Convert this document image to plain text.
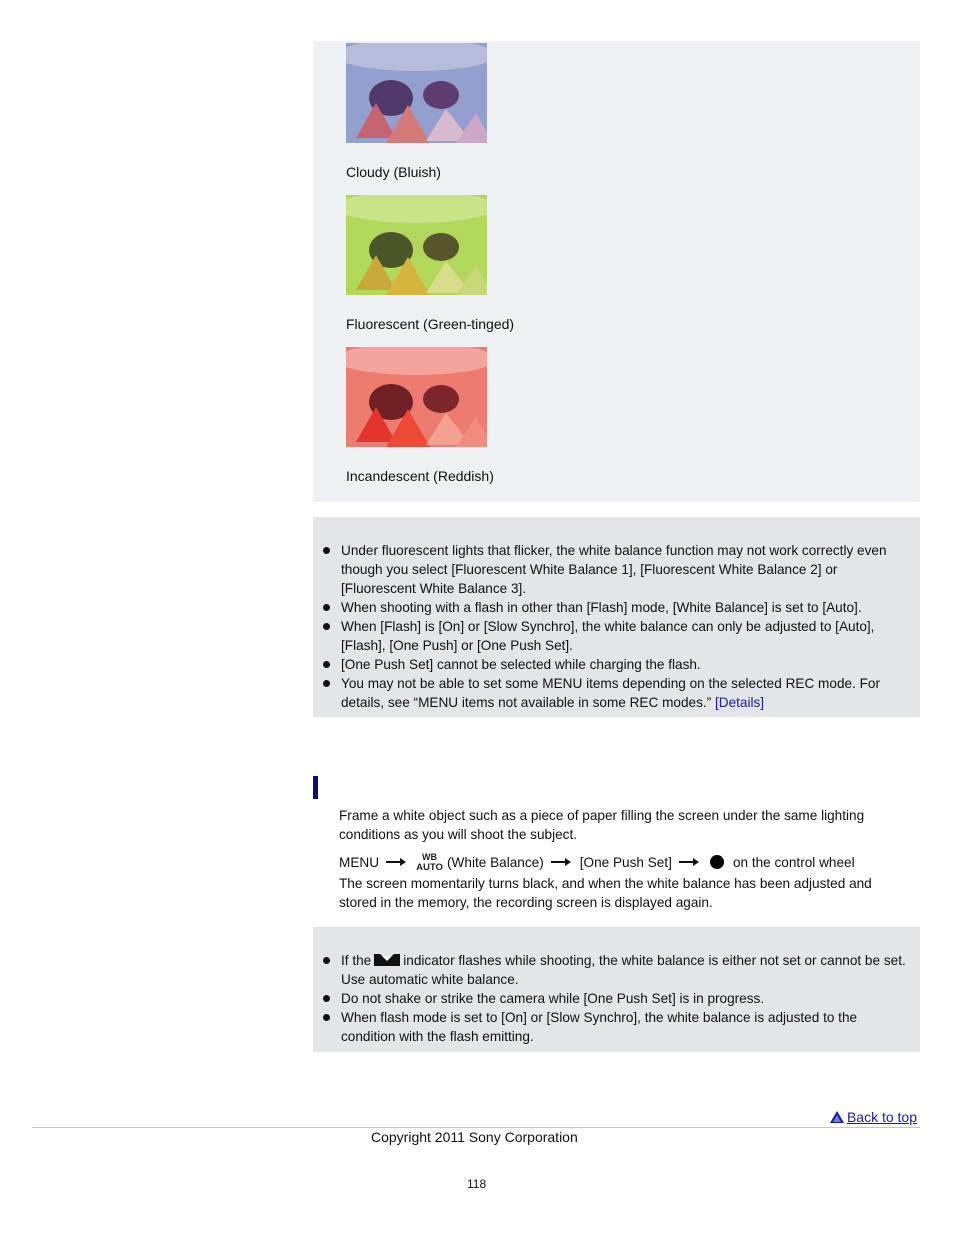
Cloudy (Bluish)
Fluorescent (Green-tinged)
Incandescent (Reddish)
Under fluorescent lights that flicker, the white balance function may not work correctly even though you select [Fluorescent White Balance 1], [Fluorescent White Balance 2] or [Fluorescent White Balance 3].
When shooting with a flash in other than [Flash] mode, [White Balance] is set to [Auto].
When [Flash] is [On] or [Slow Synchro], the white balance can only be adjusted to [Auto], [Flash], [One Push] or [One Push Set].
[One Push Set] cannot be selected while charging the flash.
You may not be able to set some MENU items depending on the selected REC mode. For details, see “MENU items not available in some REC modes.” [Details]
Frame a white object such as a piece of paper filling the screen under the same lighting conditions as you will shoot the subject.
MENU	WB
AUTO (White Balance)	[One Push Set]	on the control wheel
The screen momentarily turns black, and when the white balance has been adjusted and stored in the memory, the recording screen is displayed again.
If the indicator flashes while shooting, the white balance is either not set or cannot be set. Use automatic white balance.
Do not shake or strike the camera while [One Push Set] is in progress.
When flash mode is set to [On] or [Slow Synchro], the white balance is adjusted to the condition with the flash emitting.
Back to top
Copyright 2011 Sony Corporation
118
